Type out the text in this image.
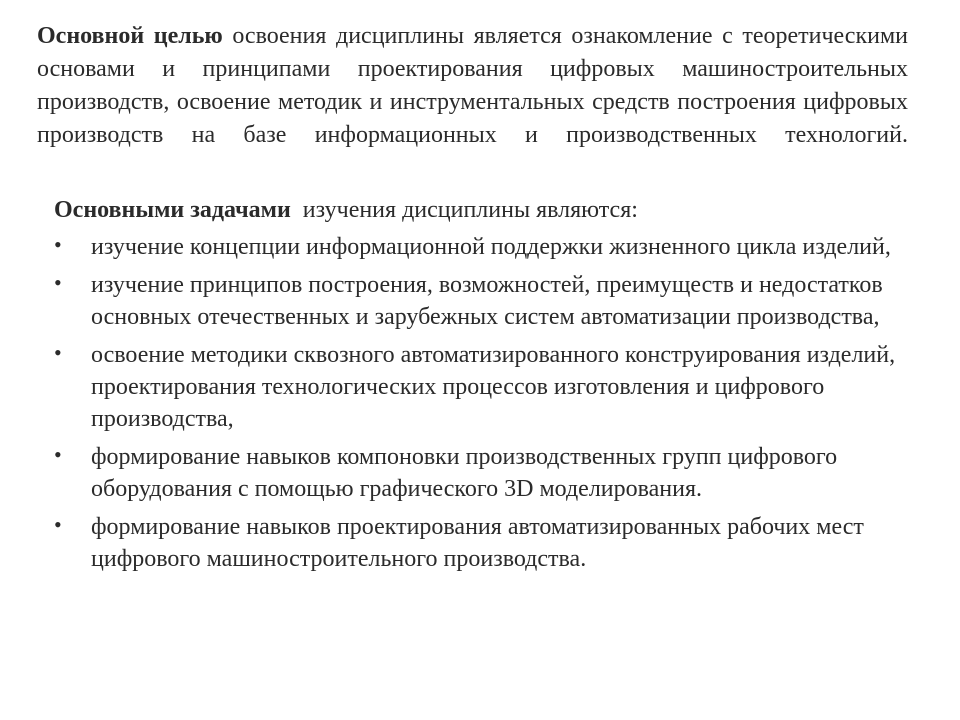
Основной целью освоения дисциплины является ознакомление с теоретическими основами и принципами проектирования цифровых машиностроительных производств, освоение методик и инструментальных средств построения цифровых производств на базе информационных и производственных технологий.

Основными задачами  изучения дисциплины являются:

• изучение концепции информационной поддержки жизненного цикла изделий,
• изучение принципов построения, возможностей, преимуществ и недостатков основных отечественных и зарубежных систем автоматизации производства,
• освоение методики сквозного автоматизированного конструирования изделий, проектирования технологических процессов изготовления и цифрового производства,
• формирование навыков компоновки производственных групп цифрового оборудования с помощью графического 3D моделирования.
• формирование навыков проектирования автоматизированных рабочих мест цифрового машиностроительного производства.
